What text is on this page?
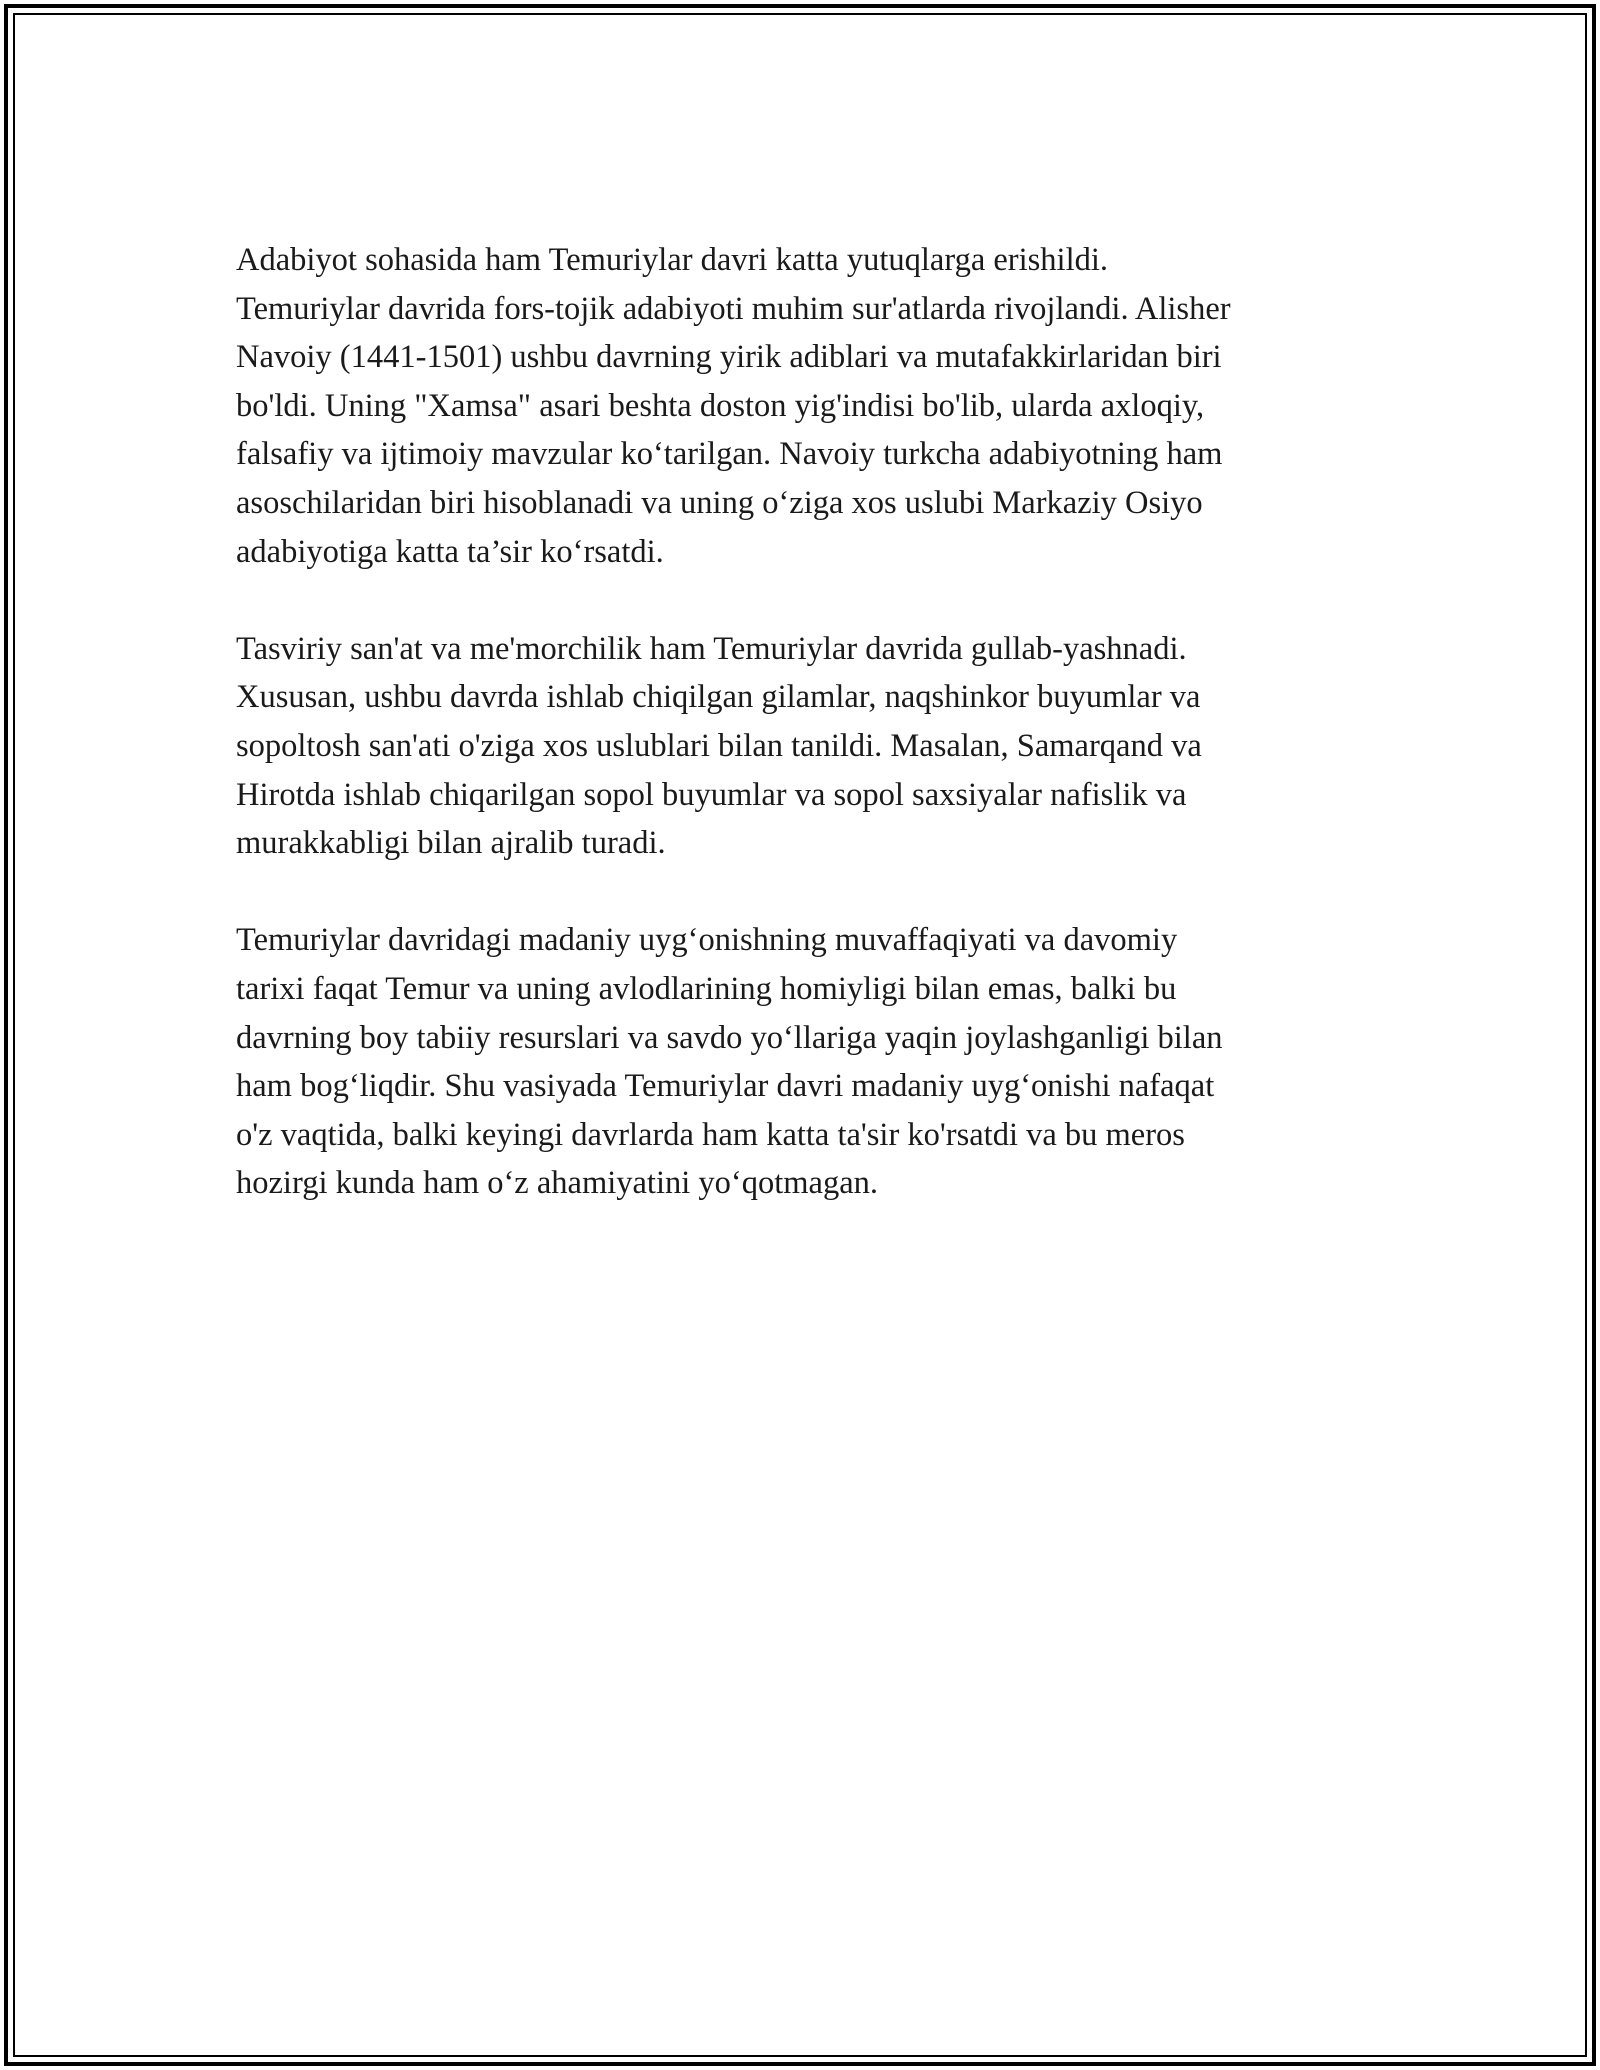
Adabiyot sohasida ham Temuriylar davri katta yutuqlarga erishildi.
Temuriylar davrida fors-tojik adabiyoti muhim sur'atlarda rivojlandi. Alisher
Navoiy (1441-1501) ushbu davrning yirik adiblari va mutafakkirlaridan biri
bo'ldi. Uning "Xamsa" asari beshta doston yig'indisi bo'lib, ularda axloqiy,
falsafiy va ijtimoiy mavzular ko‘tarilgan. Navoiy turkcha adabiyotning ham
asoschilaridan biri hisoblanadi va uning o‘ziga xos uslubi Markaziy Osiyo
adabiyotiga katta ta’sir ko‘rsatdi.

Tasviriy san'at va me'morchilik ham Temuriylar davrida gullab-yashnadi.
Xususan, ushbu davrda ishlab chiqilgan gilamlar, naqshinkor buyumlar va
sopoltosh san'ati o'ziga xos uslublari bilan tanildi. Masalan, Samarqand va
Hirotda ishlab chiqarilgan sopol buyumlar va sopol saxsiyalar nafislik va
murakkabligi bilan ajralib turadi.

Temuriylar davridagi madaniy uyg‘onishning muvaffaqiyati va davomiy
tarixi faqat Temur va uning avlodlarining homiyligi bilan emas, balki bu
davrning boy tabiiy resurslari va savdo yo‘llariga yaqin joylashganligi bilan
ham bog‘liqdir. Shu vasiyada Temuriylar davri madaniy uyg‘onishi nafaqat
o'z vaqtida, balki keyingi davrlarda ham katta ta'sir ko'rsatdi va bu meros
hozirgi kunda ham o‘z ahamiyatini yo‘qotmagan.
